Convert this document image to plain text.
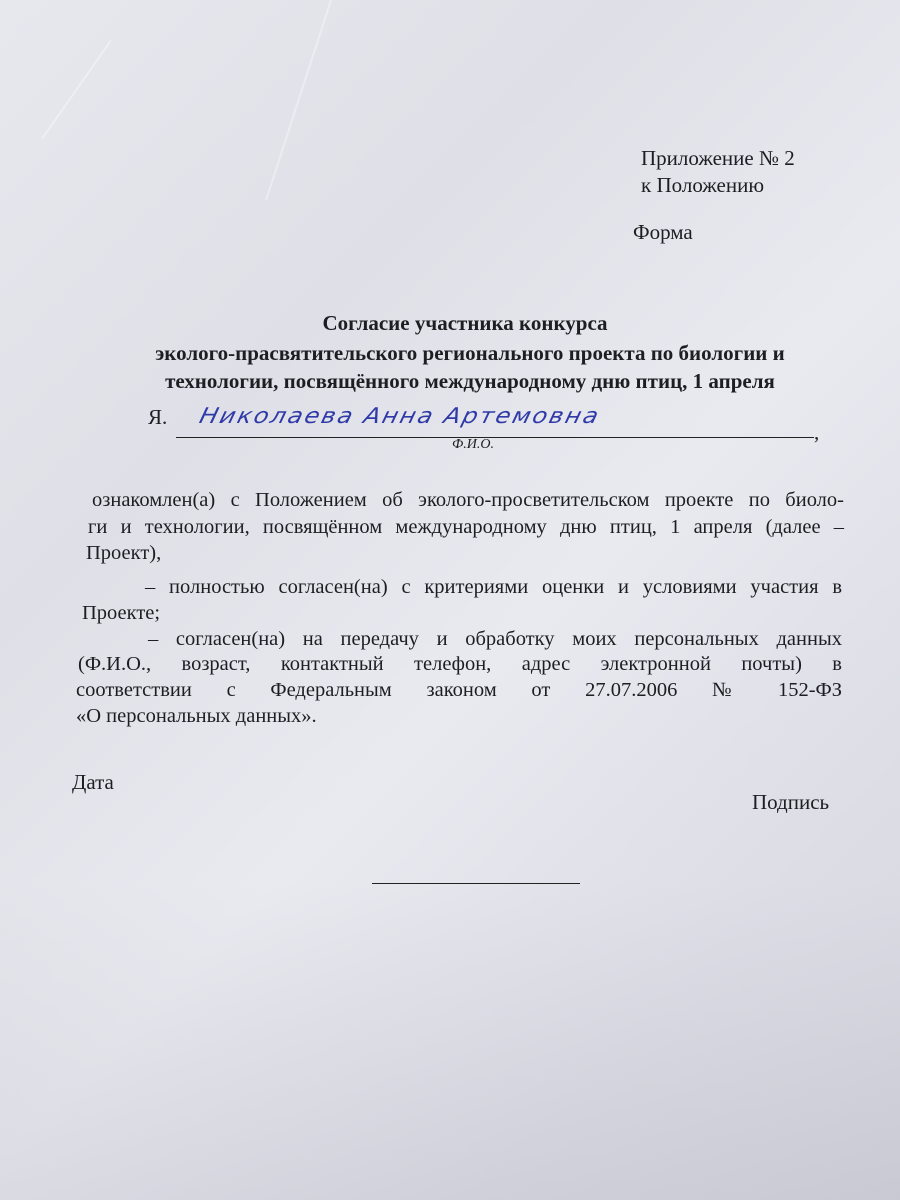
Приложение № 2
к Положению
Форма
Согласие участника конкурса
эколого-прасвятительского регионального проекта по биологии и
технологии, посвящённого международному дню птиц, 1 апреля
Я. Николаева Анна Артемовна
,
Ф.И.О.
ознакомлен(а) с Положением об эколого-просветительском проекте по биоло-
ги и технологии, посвящённом международному дню птиц, 1 апреля (далее –
Проект),
– полностью согласен(на) с критериями оценки и условиями участия в
Проекте;
– согласен(на) на передачу и обработку моих персональных данных
(Ф.И.О., возраст, контактный телефон, адрес электронной почты) в
соответствии с Федеральным законом от 27.07.2006 № 152-ФЗ
«О персональных данных».
Дата
Подпись
